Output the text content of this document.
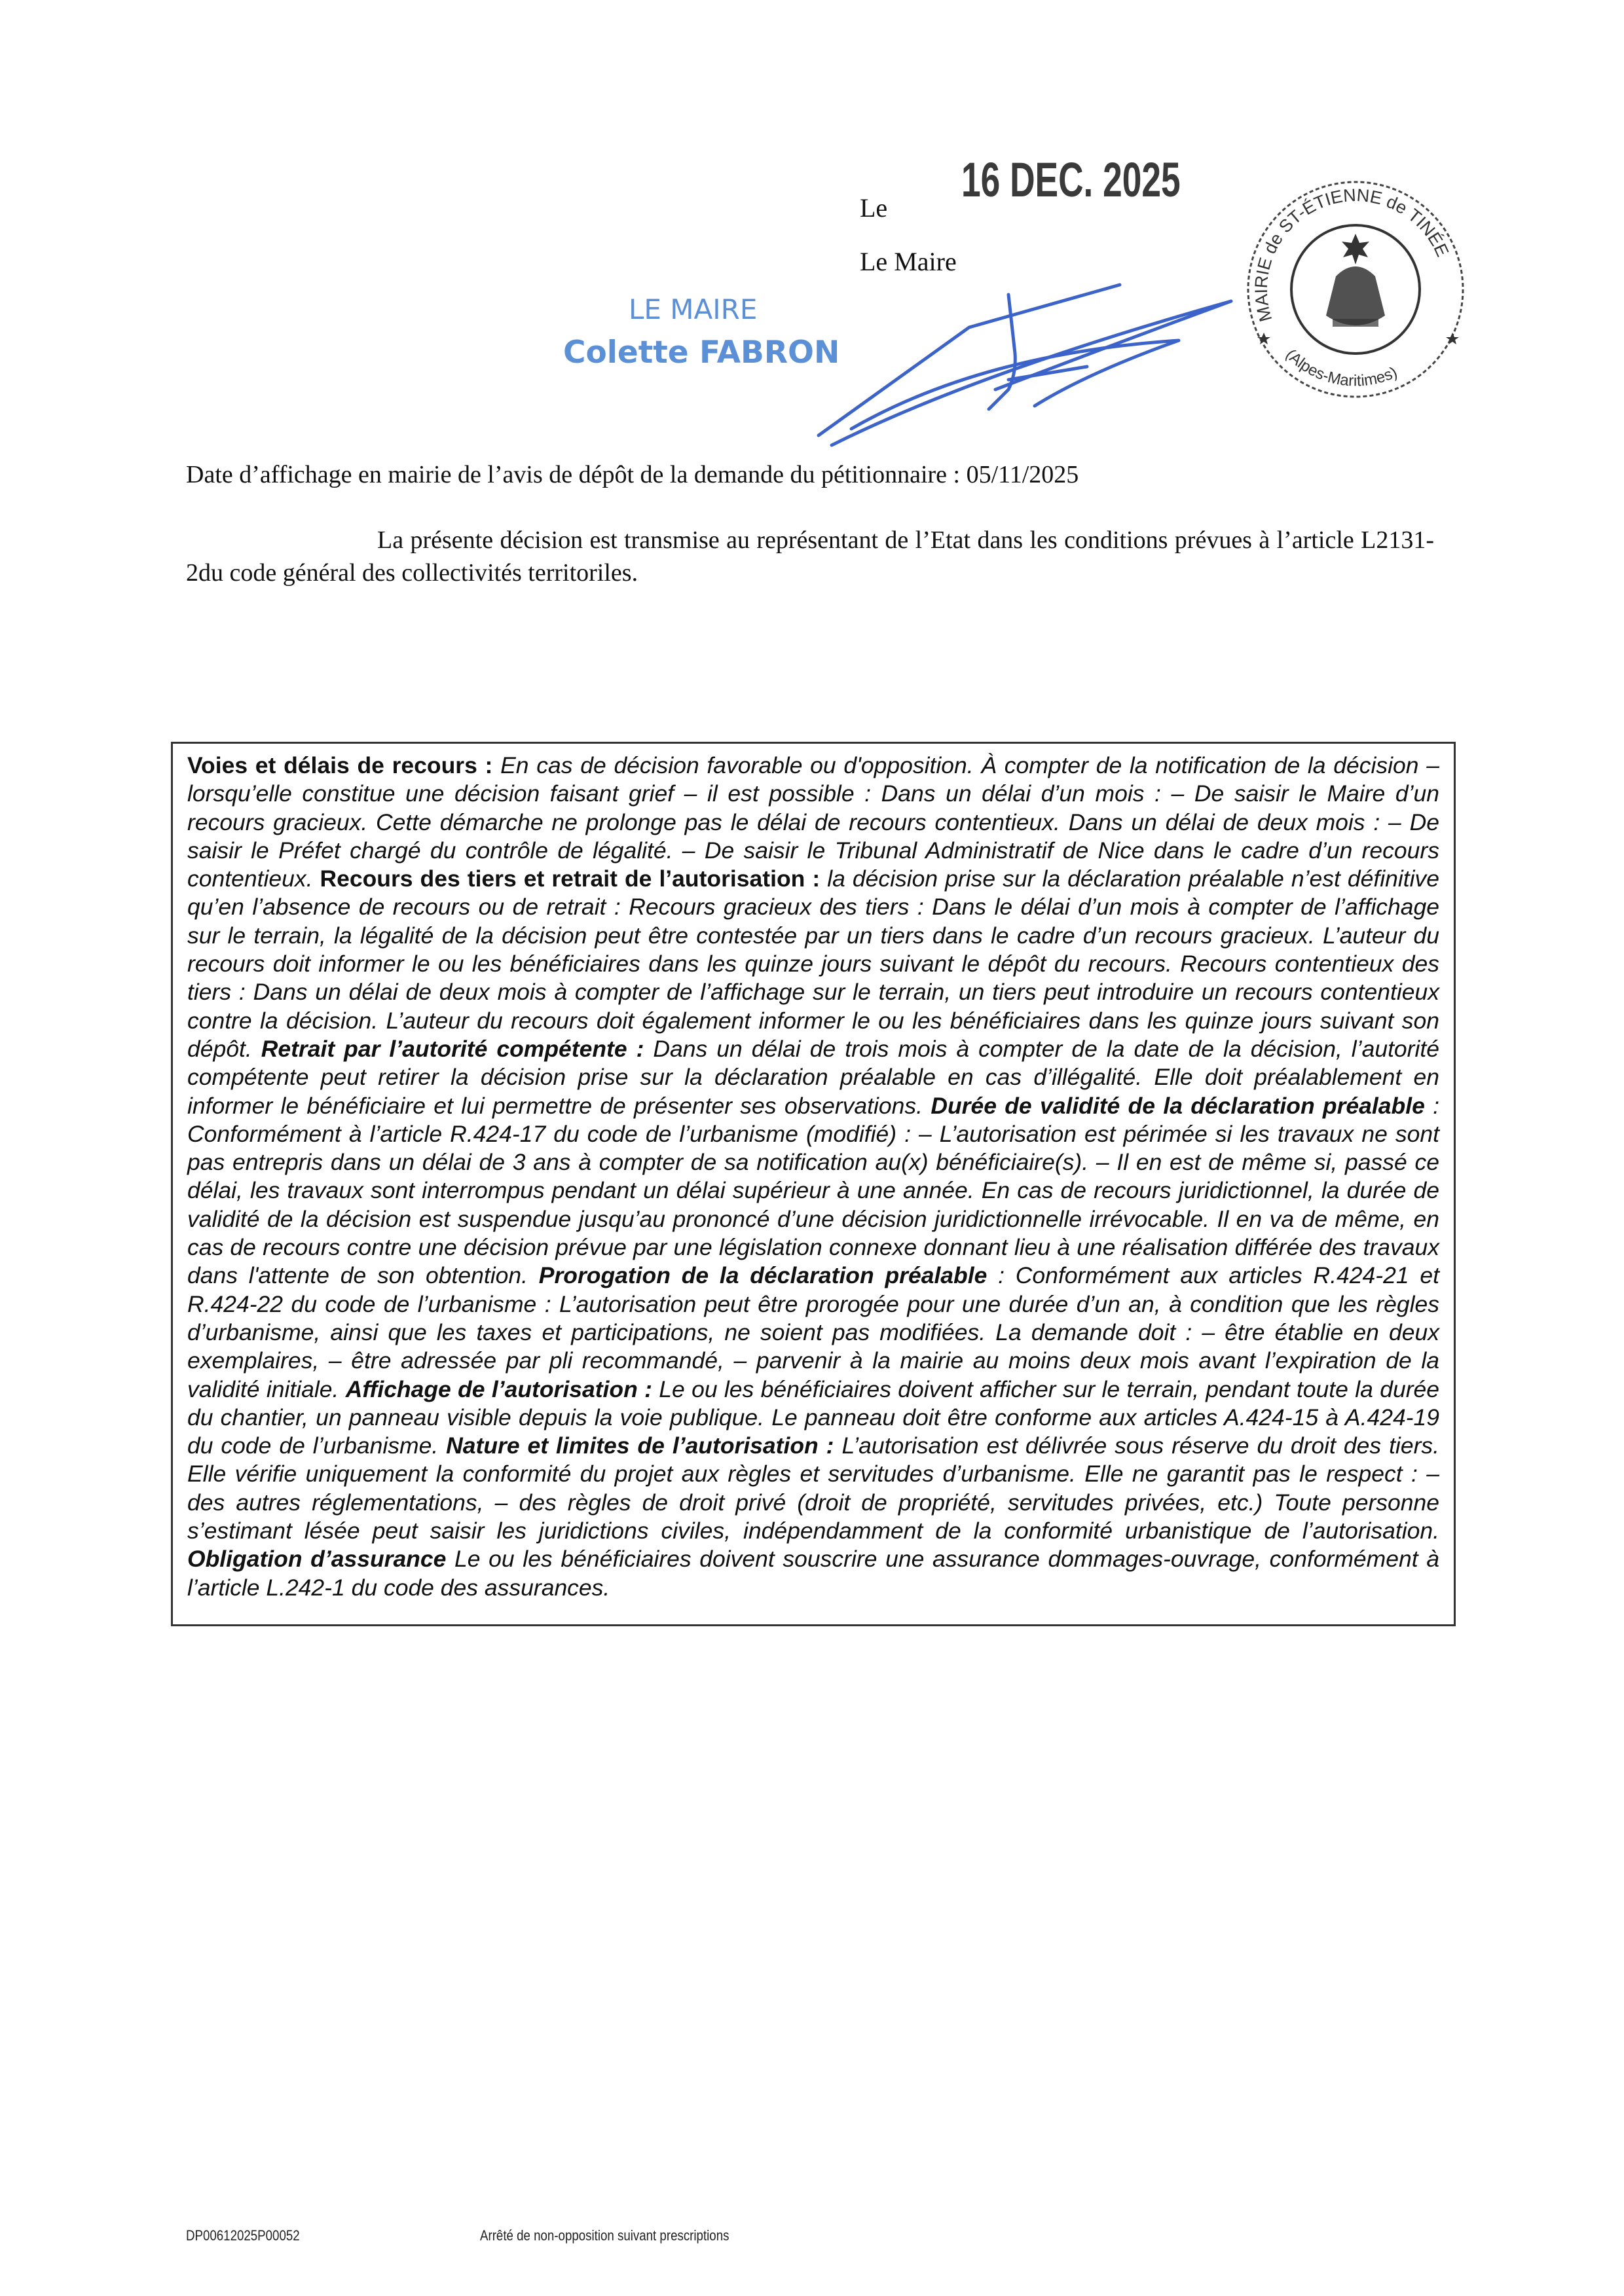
Le
16 DEC. 2025
Le Maire
LE MAIRE
Colette FABRON
MAIRIE de ST-ÉTIENNE de TINÉE
(Alpes-Maritimes)
Date d’affichage en mairie de l’avis de dépôt de la demande du pétitionnaire : 05/11/2025
La présente décision est transmise au représentant de l’Etat dans les conditions prévues à l’article L2131-2du code général des collectivités territoriles.
Voies et délais de recours : En cas de décision favorable ou d'opposition. À compter de la notification de la décision – lorsqu’elle constitue une décision faisant grief – il est possible : Dans un délai d’un mois : – De saisir le Maire d’un recours gracieux. Cette démarche ne prolonge pas le délai de recours contentieux. Dans un délai de deux mois : – De saisir le Préfet chargé du contrôle de légalité. – De saisir le Tribunal Administratif de Nice dans le cadre d’un recours contentieux. Recours des tiers et retrait de l’autorisation : la décision prise sur la déclaration préalable n’est définitive qu’en l’absence de recours ou de retrait : Recours gracieux des tiers : Dans le délai d’un mois à compter de l’affichage sur le terrain, la légalité de la décision peut être contestée par un tiers dans le cadre d’un recours gracieux. L’auteur du recours doit informer le ou les bénéficiaires dans les quinze jours suivant le dépôt du recours. Recours contentieux des tiers : Dans un délai de deux mois à compter de l’affichage sur le terrain, un tiers peut introduire un recours contentieux contre la décision. L’auteur du recours doit également informer le ou les bénéficiaires dans les quinze jours suivant son dépôt. Retrait par l’autorité compétente : Dans un délai de trois mois à compter de la date de la décision, l’autorité compétente peut retirer la décision prise sur la déclaration préalable en cas d’illégalité. Elle doit préalablement en informer le bénéficiaire et lui permettre de présenter ses observations. Durée de validité de la déclaration préalable : Conformément à l’article R.424-17 du code de l’urbanisme (modifié) : – L’autorisation est périmée si les travaux ne sont pas entrepris dans un délai de 3 ans à compter de sa notification au(x) bénéficiaire(s). – Il en est de même si, passé ce délai, les travaux sont interrompus pendant un délai supérieur à une année. En cas de recours juridictionnel, la durée de validité de la décision est suspendue jusqu’au prononcé d’une décision juridictionnelle irrévocable. Il en va de même, en cas de recours contre une décision prévue par une législation connexe donnant lieu à une réalisation différée des travaux dans l'attente de son obtention. Prorogation de la déclaration préalable : Conformément aux articles R.424-21 et R.424-22 du code de l’urbanisme : L’autorisation peut être prorogée pour une durée d’un an, à condition que les règles d’urbanisme, ainsi que les taxes et participations, ne soient pas modifiées. La demande doit : – être établie en deux exemplaires, – être adressée par pli recommandé, – parvenir à la mairie au moins deux mois avant l’expiration de la validité initiale. Affichage de l’autorisation : Le ou les bénéficiaires doivent afficher sur le terrain, pendant toute la durée du chantier, un panneau visible depuis la voie publique. Le panneau doit être conforme aux articles A.424-15 à A.424-19 du code de l’urbanisme. Nature et limites de l’autorisation : L’autorisation est délivrée sous réserve du droit des tiers. Elle vérifie uniquement la conformité du projet aux règles et servitudes d’urbanisme. Elle ne garantit pas le respect : – des autres réglementations, – des règles de droit privé (droit de propriété, servitudes privées, etc.) Toute personne s’estimant lésée peut saisir les juridictions civiles, indépendamment de la conformité urbanistique de l’autorisation. Obligation d’assurance Le ou les bénéficiaires doivent souscrire une assurance dommages-ouvrage, conformément à l’article L.242-1 du code des assurances.
DP00612025P00052	Arrêté de non-opposition suivant prescriptions
